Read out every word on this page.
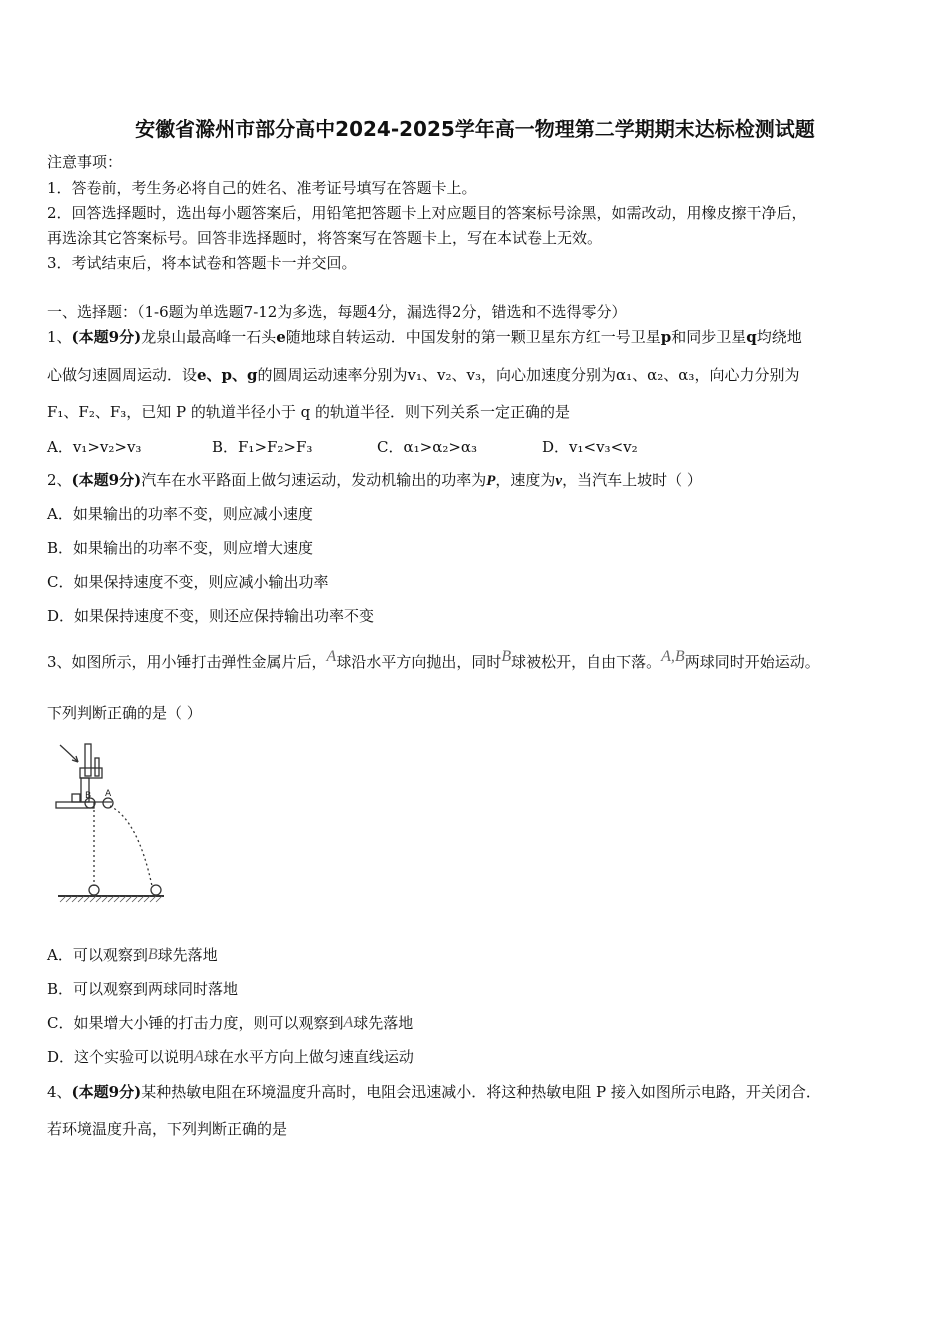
安徽省滁州市部分高中2024-2025学年高一物理第二学期期末达标检测试题
注意事项：
1．答卷前，考生务必将自己的姓名、准考证号填写在答题卡上。
2．回答选择题时，选出每小题答案后，用铅笔把答题卡上对应题目的答案标号涂黑，如需改动，用橡皮擦干净后，
再选涂其它答案标号。回答非选择题时，将答案写在答题卡上，写在本试卷上无效。
3．考试结束后，将本试卷和答题卡一并交回。
一、选择题：（1-6题为单选题7-12为多选，每题4分，漏选得2分，错选和不选得零分）
1、(本题9分)龙泉山最高峰一石头e随地球自转运动．中国发射的第一颗卫星东方红一号卫星p和同步卫星q均绕地
心做匀速圆周运动．设e、p、g的圆周运动速率分别为v₁、v₂、v₃，向心加速度分别为α₁、α₂、α₃，向心力分别为
F₁、F₂、F₃，已知 P 的轨道半径小于 q 的轨道半径．则下列关系一定正确的是
A．v₁>v₂>v₃	B．F₁>F₂>F₃	C．α₁>α₂>α₃	D．v₁<v₃<v₂
2、(本题9分)汽车在水平路面上做匀速运动，发动机输出的功率为P，速度为v，当汽车上坡时（ ）
A．如果输出的功率不变，则应减小速度
B．如果输出的功率不变，则应增大速度
C．如果保持速度不变，则应减小输出功率
D．如果保持速度不变，则还应保持输出功率不变
3、如图所示，用小锤打击弹性金属片后，A球沿水平方向抛出，同时B球被松开，自由下落。A,B两球同时开始运动。
下列判断正确的是（ ）
B A
A．可以观察到B球先落地
B．可以观察到两球同时落地
C．如果增大小锤的打击力度，则可以观察到A球先落地
D．这个实验可以说明A球在水平方向上做匀速直线运动
4、(本题9分)某种热敏电阻在环境温度升高时，电阻会迅速减小．将这种热敏电阻 P 接入如图所示电路，开关闭合．
若环境温度升高，下列判断正确的是
